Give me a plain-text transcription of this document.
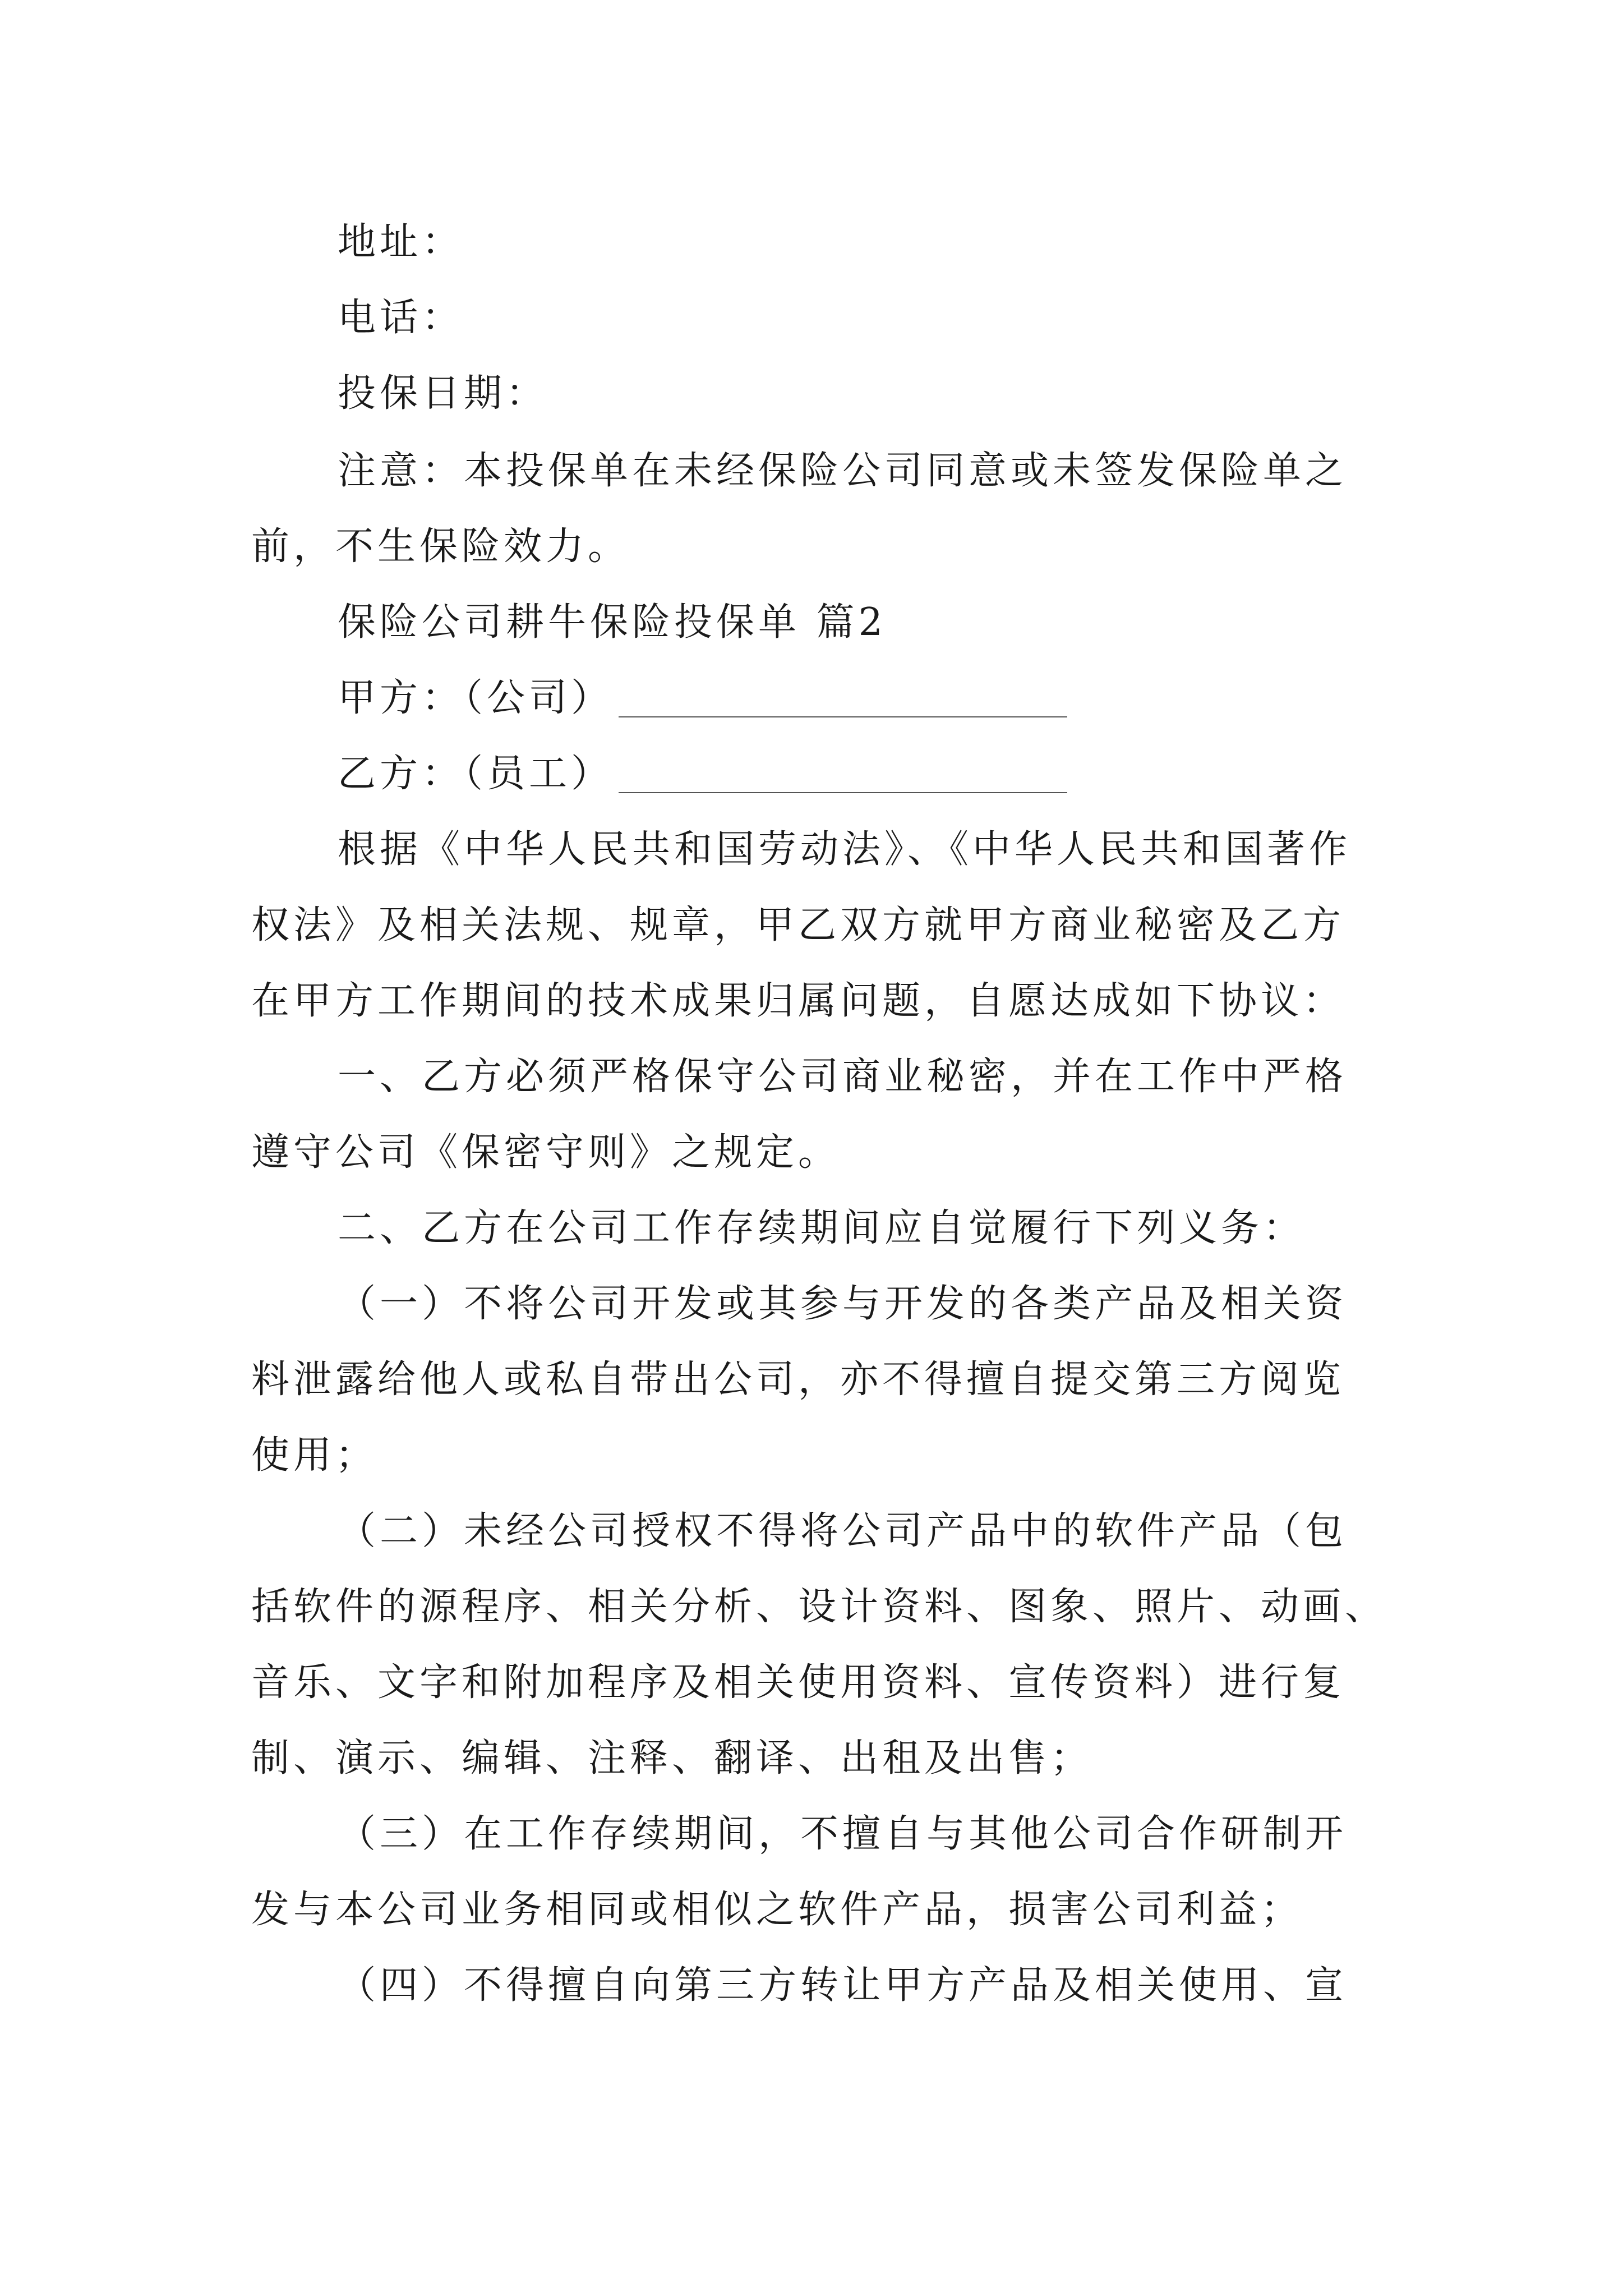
地址：
电话：
投保日期：
注意：本投保单在未经保险公司同意或未签发保险单之
前，不生保险效力。
保险公司耕牛保险投保单 篇2
甲方：（公司）
乙方：（员工）
根据《中华人民共和国劳动法》、《中华人民共和国著作
权法》及相关法规、规章，甲乙双方就甲方商业秘密及乙方
在甲方工作期间的技术成果归属问题，自愿达成如下协议：
一、乙方必须严格保守公司商业秘密，并在工作中严格
遵守公司《保密守则》之规定。
二、乙方在公司工作存续期间应自觉履行下列义务：
（一）不将公司开发或其参与开发的各类产品及相关资
料泄露给他人或私自带出公司，亦不得擅自提交第三方阅览
使用；
（二）未经公司授权不得将公司产品中的软件产品（包
括软件的源程序、相关分析、设计资料、图象、照片、动画、
音乐、文字和附加程序及相关使用资料、宣传资料）进行复
制、演示、编辑、注释、翻译、出租及出售；
（三）在工作存续期间，不擅自与其他公司合作研制开
发与本公司业务相同或相似之软件产品，损害公司利益；
（四）不得擅自向第三方转让甲方产品及相关使用、宣
